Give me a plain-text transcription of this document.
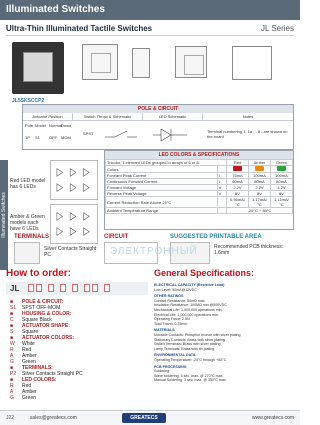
Illuminated Switches
Ultra-Thin Illuminated Tactile Switches	JL Series
Illuminated Switches
JL5SKSCCP2
POLE & CIRCUIT
Actuator Position	Switch Throw & Schematic	LED Schematic	Notes
Pole Model Normal Down
1P S1 OFF MOM
SPST	Terminal numbering 1, 1a ... 8 - are shown on the board
Red LED model has 6 LEDs
Amber & Green models each have 6 LEDs
LED COLORS & SPECIFICATIONS
Tricolor, 1 element LEDs grouped in arrays of 6 or 8.		Red	Amber	Green
Colors				
Forward Peak Current	I	75mA	100mA	100mA
Continuous Forward Current	I	60mA	80mA	80mA
Forward Voltage	V	2.2V	2.2V	4.2V
Reverse Peak Voltage	V	8V	8V	8V
Current Reduction Rate Above 25°C		0.96mA/°C	1.17mA/°C	1.11mA/°C
Ambient Temperature Range		-20°C ~ 85°C		
TERMINALS	CIRCUIT	SUGGESTED PRINTABLE AREA
Silver Contacts Straight PC
Recommended PCB thickness: 1.6mm
ЭЛЕКТРОННЫЙ
How to order:
JL
■ POLE & CIRCUIT:
S1 SPST OFF-MOM
■ HOUSING & COLOR:
C Square Black
■ ACTUATOR SHAPE:
S Square
■ ACTUATOR COLORS:
W White
R Red
A Amber
G Green
■ TERMINALS:
P2 Silver Contacts Straight PC
■ LED COLORS:
R Red
A Amber
G Green
General Specifications:
ELECTRICAL CAPACITY (Resistive Load)
Low Level: 50mA@12VDC
OTHER RATINGS
Contact Resistance: 50mΩ max.
Insulation Resistance: 100MΩ min.@500VDC
Mechanical Life: 1,000,000 operations min.
Electrical Life: 1,000,000 operations min.
Operating Force: 2.5N
Total Travel: 0.25mm
MATERIALS
Movable Contacts: Phosphor bronze with silver plating
Stationary Contacts: Brass with silver plating
Switch Terminals: Brass with silver plating
Lamp Terminals: Brass with tin plating
ENVIRONMENTAL DATA
Operating Temperature: -20°C through +85°C
PCB PROCESSING
Soldering:
Wave soldering: 5 sec. max. @ 270°C max.
Manual Soldering: 3 sec. max. @ 350°C max.
J22	sales@greatecs.com	GREATECS	www.greatecs.com
